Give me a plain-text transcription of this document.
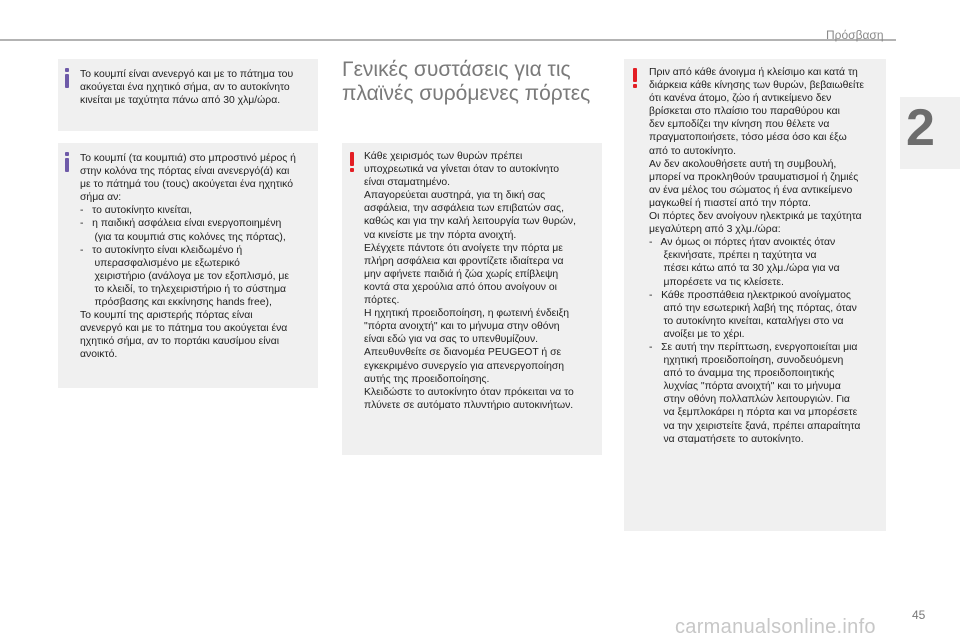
Πρόσβαση
2
Το κουμπί είναι ανενεργό και με το πάτημα του
ακούγεται ένα ηχητικό σήμα, αν το αυτοκίνητο
κινείται με ταχύτητα πάνω από 30 χλμ/ώρα.
Το κουμπί (τα κουμπιά) στο μπροστινό μέρος ή
στην κολόνα της πόρτας είναι ανενεργό(ά) και
με το πάτημά του (τους) ακούγεται ένα ηχητικό
σήμα αν:
-   το αυτοκίνητο κινείται,
-   η παιδική ασφάλεια είναι ενεργοποιημένη
(για τα κουμπιά στις κολόνες της πόρτας),
-   το αυτοκίνητο είναι κλειδωμένο ή
υπερασφαλισμένο με εξωτερικό
χειριστήριο (ανάλογα με τον εξοπλισμό, με
το κλειδί, το τηλεχειριστήριο ή το σύστημα
πρόσβασης και εκκίνησης hands free),
Το κουμπί της αριστερής πόρτας είναι
ανενεργό και με το πάτημα του ακούγεται ένα
ηχητικό σήμα, αν το πορτάκι καυσίμου είναι
ανοικτό.
Γενικές συστάσεις για τις
πλαϊνές συρόμενες πόρτες
Κάθε χειρισμός των θυρών πρέπει
υποχρεωτικά να γίνεται όταν το αυτοκίνητο
είναι σταματημένο.
Απαγορεύεται αυστηρά, για τη δική σας
ασφάλεια, την ασφάλεια των επιβατών σας,
καθώς και για την καλή λειτουργία των θυρών,
να κινείστε με την πόρτα ανοιχτή.
Ελέγχετε πάντοτε ότι ανοίγετε την πόρτα με
πλήρη ασφάλεια και φροντίζετε ιδιαίτερα να
μην αφήνετε παιδιά ή ζώα χωρίς επίβλεψη
κοντά στα χερούλια από όπου ανοίγουν οι
πόρτες.
Η ηχητική προειδοποίηση, η φωτεινή ένδειξη
"πόρτα ανοιχτή" και το μήνυμα στην οθόνη
είναι εδώ για να σας το υπενθυμίζουν.
Απευθυνθείτε σε διανομέα PEUGEOT ή σε
εγκεκριμένο συνεργείο για απενεργοποίηση
αυτής της προειδοποίησης.
Κλειδώστε το αυτοκίνητο όταν πρόκειται να το
πλύνετε σε αυτόματο πλυντήριο αυτοκινήτων.
Πριν από κάθε άνοιγμα ή κλείσιμο και κατά τη
διάρκεια κάθε κίνησης των θυρών, βεβαιωθείτε
ότι κανένα άτομο, ζώο ή αντικείμενο δεν
βρίσκεται στο πλαίσιο του παραθύρου και
δεν εμποδίζει την κίνηση που θέλετε να
πραγματοποιήσετε, τόσο μέσα όσο και έξω
από το αυτοκίνητο.
Αν δεν ακολουθήσετε αυτή τη συμβουλή,
μπορεί να προκληθούν τραυματισμοί ή ζημιές
αν ένα μέλος του σώματος ή ένα αντικείμενο
μαγκωθεί ή πιαστεί από την πόρτα.
Οι πόρτες δεν ανοίγουν ηλεκτρικά με ταχύτητα
μεγαλύτερη από 3 χλμ./ώρα:
-   Αν όμως οι πόρτες ήταν ανοικτές όταν
ξεκινήσατε, πρέπει η ταχύτητα να
πέσει κάτω από τα 30 χλμ./ώρα για να
μπορέσετε να τις κλείσετε.
-   Κάθε προσπάθεια ηλεκτρικού ανοίγματος
από την εσωτερική λαβή της πόρτας, όταν
το αυτοκίνητο κινείται, καταλήγει στο να
ανοίξει με το χέρι.
-   Σε αυτή την περίπτωση, ενεργοποιείται μια
ηχητική προειδοποίηση, συνοδευόμενη
από το άναμμα της προειδοποιητικής
λυχνίας "πόρτα ανοιχτή" και το μήνυμα
στην οθόνη πολλαπλών λειτουργιών. Για
να ξεμπλοκάρει η πόρτα και να μπορέσετε
να την χειριστείτε ξανά, πρέπει απαραίτητα
να σταματήσετε το αυτοκίνητο.
45
carmanualsonline.info
